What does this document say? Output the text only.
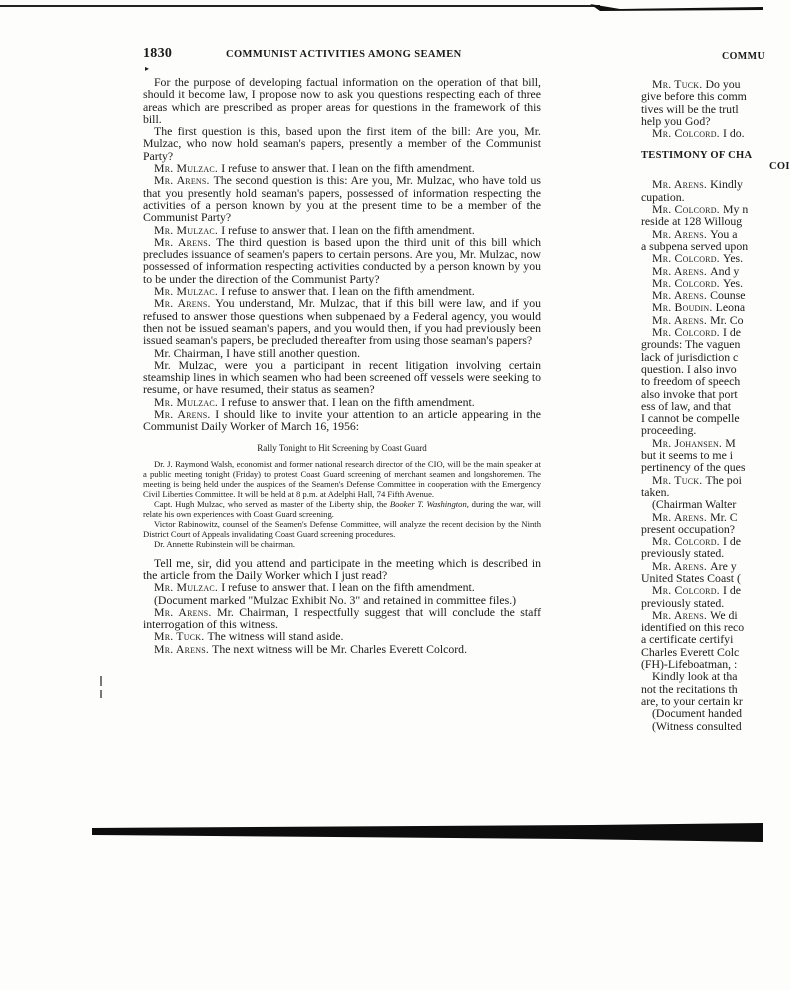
1830	COMMUNIST ACTIVITIES AMONG SEAMEN
▸

For the purpose of developing factual information on the operation of that bill, should it become law, I propose now to ask you questions respecting each of three areas which are prescribed as proper areas for questions in the framework of this bill.

The first question is this, based upon the first item of the bill: Are you, Mr. Mulzac, who now hold seaman's papers, presently a member of the Communist Party?

Mr. Mulzac. I refuse to answer that. I lean on the fifth amendment.

Mr. Arens. The second question is this: Are you, Mr. Mulzac, who have told us that you presently hold seaman's papers, possessed of information respecting the activities of a person known by you at the present time to be a member of the Communist Party?

Mr. Mulzac. I refuse to answer that. I lean on the fifth amendment.

Mr. Arens. The third question is based upon the third unit of this bill which precludes issuance of seamen's papers to certain persons. Are you, Mr. Mulzac, now possessed of information respecting activities conducted by a person known by you to be under the direction of the Communist Party?

Mr. Mulzac. I refuse to answer that. I lean on the fifth amendment.

Mr. Arens. You understand, Mr. Mulzac, that if this bill were law, and if you refused to answer those questions when subpenaed by a Federal agency, you would then not be issued seaman's papers, and you would then, if you had previously been issued seaman's papers, be precluded thereafter from using those seaman's papers?

Mr. Chairman, I have still another question.

Mr. Mulzac, were you a participant in recent litigation involving certain steamship lines in which seamen who had been screened off vessels were seeking to resume, or have resumed, their status as seamen?

Mr. Mulzac. I refuse to answer that. I lean on the fifth amendment.

Mr. Arens. I should like to invite your attention to an article appearing in the Communist Daily Worker of March 16, 1956:

Rally Tonight to Hit Screening by Coast Guard

Dr. J. Raymond Walsh, economist and former national research director of the CIO, will be the main speaker at a public meeting tonight (Friday) to protest Coast Guard screening of merchant seamen and longshoremen. The meeting is being held under the auspices of the Seamen's Defense Committee in cooperation with the Emergency Civil Liberties Committee. It will be held at 8 p.m. at Adelphi Hall, 74 Fifth Avenue.

Capt. Hugh Mulzac, who served as master of the Liberty ship, the Booker T. Washington, during the war, will relate his own experiences with Coast Guard screening.

Victor Rabinowitz, counsel of the Seamen's Defense Committee, will analyze the recent decision by the Ninth District Court of Appeals invalidating Coast Guard screening procedures.

Dr. Annette Rubinstein will be chairman.

Tell me, sir, did you attend and participate in the meeting which is described in the article from the Daily Worker which I just read?

Mr. Mulzac. I refuse to answer that. I lean on the fifth amendment.

(Document marked "Mulzac Exhibit No. 3" and retained in committee files.)

Mr. Arens. Mr. Chairman, I respectfully suggest that will conclude the staff interrogation of this witness.

Mr. Tuck. The witness will stand aside.

Mr. Arens. The next witness will be Mr. Charles Everett Colcord.

COMMU

Mr. Tuck. Do you

give before this comm

tives will be the trutl

help you God?

Mr. Colcord. I do.

TESTIMONY OF CHA
COI

Mr. Arens. Kindly

cupation.

Mr. Colcord. My n

reside at 128 Willoug

Mr. Arens. You a

a subpena served upon

Mr. Colcord. Yes.

Mr. Arens. And y

Mr. Colcord. Yes.

Mr. Arens. Counse

Mr. Boudin. Leona

Mr. Arens. Mr. Co

Mr. Colcord. I de

grounds: The vaguen

lack of jurisdiction c

question. I also invo

to freedom of speech

also invoke that port

ess of law, and that

I cannot be compelle

proceeding.

Mr. Johansen. M

but it seems to me i

pertinency of the ques

Mr. Tuck. The poi

taken.

(Chairman Walter

Mr. Arens. Mr. C

present occupation?

Mr. Colcord. I de

previously stated.

Mr. Arens. Are y

United States Coast (

Mr. Colcord. I de

previously stated.

Mr. Arens. We di

identified on this reco

a certificate certifyi

Charles Everett Colc

(FH)-Lifeboatman, :

Kindly look at tha

not the recitations th

are, to your certain kr

(Document handed

(Witness consulted
